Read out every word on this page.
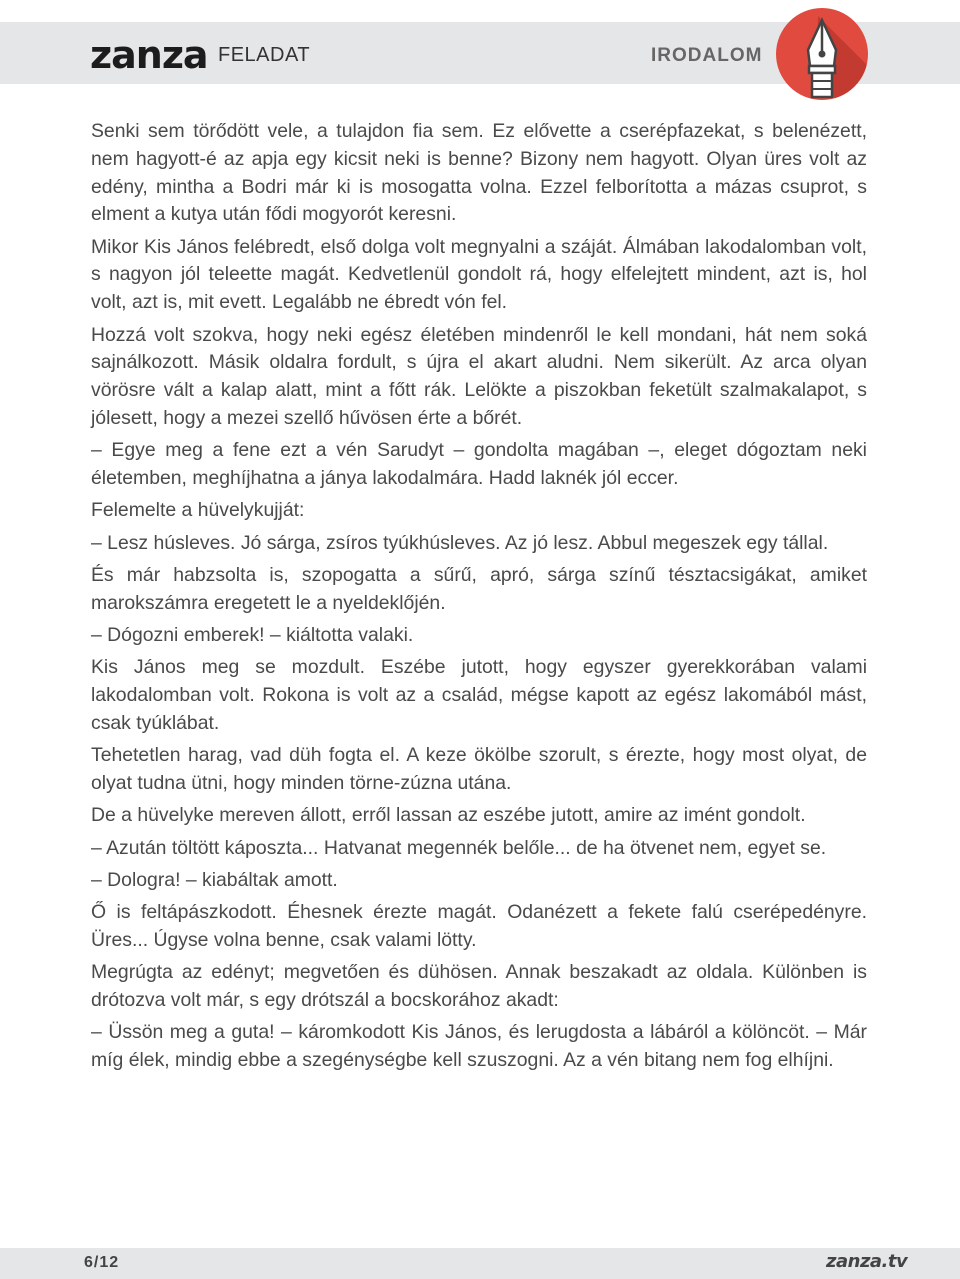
zanza FELADAT	IRODALOM

Senki sem törődött vele, a tulajdon fia sem. Ez elővette a cserépfazekat, s belenézett, nem hagyott-é az apja egy kicsit neki is benne? Bizony nem hagyott. Olyan üres volt az edény, mintha a Bodri már ki is mosogatta volna. Ezzel felborította a mázas csuprot, s elment a kutya után fődi mogyorót keresni.

Mikor Kis János felébredt, első dolga volt megnyalni a száját. Álmában lakodalomban volt, s nagyon jól teleette magát. Kedvetlenül gondolt rá, hogy elfelejtett mindent, azt is, hol volt, azt is, mit evett. Legalább ne ébredt vón fel.

Hozzá volt szokva, hogy neki egész életében mindenről le kell mondani, hát nem soká sajnálkozott. Másik oldalra fordult, s újra el akart aludni. Nem sikerült. Az arca olyan vörösre vált a kalap alatt, mint a főtt rák. Lelökte a piszokban feketült szalmakalapot, s jólesett, hogy a mezei szellő hűvösen érte a bőrét.

– Egye meg a fene ezt a vén Sarudyt – gondolta magában –, eleget dógoztam neki életemben, meghíjhatna a jánya lakodalmára. Hadd laknék jól eccer.

Felemelte a hüvelykujját:

– Lesz húsleves. Jó sárga, zsíros tyúkhúsleves. Az jó lesz. Abbul megeszek egy tállal.

És már habzsolta is, szopogatta a sűrű, apró, sárga színű tésztacsigákat, amiket marokszámra eregetett le a nyeldeklőjén.

– Dógozni emberek! – kiáltotta valaki.

Kis János meg se mozdult. Eszébe jutott, hogy egyszer gyerekkorában valami lakodalomban volt. Rokona is volt az a család, mégse kapott az egész lakomából mást, csak tyúklábat.

Tehetetlen harag, vad düh fogta el. A keze ökölbe szorult, s érezte, hogy most olyat, de olyat tudna ütni, hogy minden törne-zúzna utána.

De a hüvelyke mereven állott, erről lassan az eszébe jutott, amire az imént gondolt.

– Azután töltött káposzta... Hatvanat megennék belőle... de ha ötvenet nem, egyet se.

– Dologra! – kiabáltak amott.

Ő is feltápászkodott. Éhesnek érezte magát. Odanézett a fekete falú cserépedényre. Üres... Úgyse volna benne, csak valami lötty.

Megrúgta az edényt; megvetően és dühösen. Annak beszakadt az oldala. Különben is drótozva volt már, s egy drótszál a bocskorához akadt:

– Üssön meg a guta! – káromkodott Kis János, és lerugdosta a lábáról a kölöncöt. – Már míg élek, mindig ebbe a szegénységbe kell szuszogni. Az a vén bitang nem fog elhíjni.

6/12	zanza.tv
